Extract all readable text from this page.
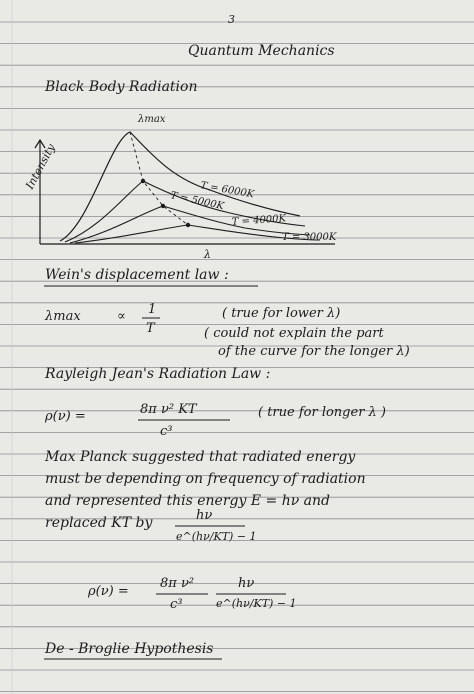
3
Quantum Mechanics
Black Body Radiation
Intensity
λ
λmax
T = 6000K
T = 5000K
T = 4000K
T = 3000K
Wein's displacement law :
λmax	∝ 1
T
( true for lower λ)
( could not explain the part
of the curve for the longer λ)
Rayleigh Jean's Radiation Law :
ρ(ν) =	8π ν² KT
c³
( true for longer λ )
Max Planck suggested that radiated energy
must be depending on frequency of radiation
and represented this energy E = hν and
replaced KT by	hν
e^(hν/KT) − 1
ρ(ν) =
8π ν²
c³
hν
e^(hν/KT) − 1
De - Broglie Hypothesis
